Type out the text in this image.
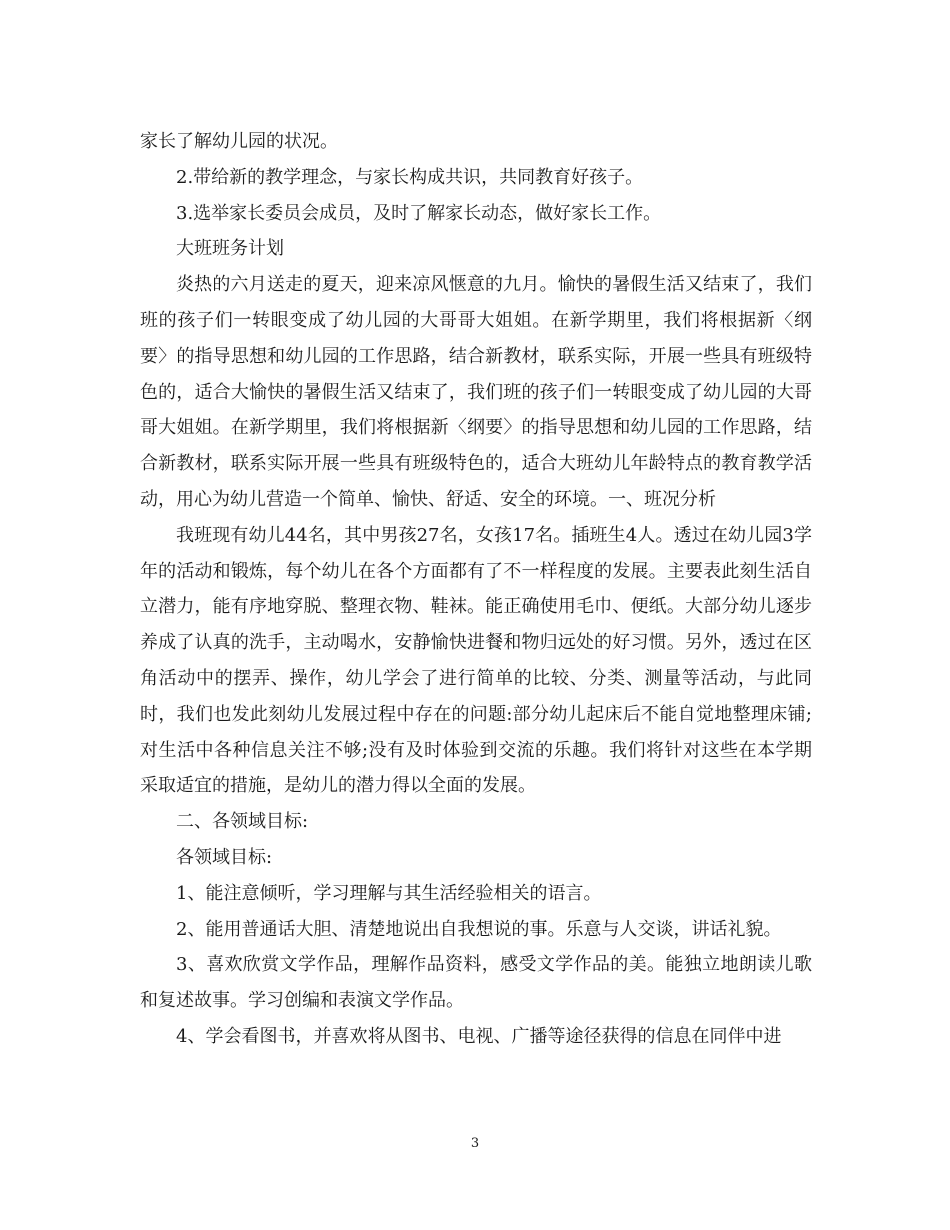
家长了解幼儿园的状况。

2.带给新的教学理念，与家长构成共识，共同教育好孩子。

3.选举家长委员会成员，及时了解家长动态，做好家长工作。

大班班务计划

炎热的六月送走的夏天，迎来凉风惬意的九月。愉快的暑假生活又结束了，我们班的孩子们一转眼变成了幼儿园的大哥哥大姐姐。在新学期里，我们将根据新〈纲要〉的指导思想和幼儿园的工作思路，结合新教材，联系实际，开展一些具有班级特色的，适合大愉快的暑假生活又结束了，我们班的孩子们一转眼变成了幼儿园的大哥哥大姐姐。在新学期里，我们将根据新〈纲要〉的指导思想和幼儿园的工作思路，结合新教材，联系实际开展一些具有班级特色的，适合大班幼儿年龄特点的教育教学活动，用心为幼儿营造一个简单、愉快、舒适、安全的环境。一、班况分析

我班现有幼儿44名，其中男孩27名，女孩17名。插班生4人。透过在幼儿园3学年的活动和锻炼，每个幼儿在各个方面都有了不一样程度的发展。主要表此刻生活自立潜力，能有序地穿脱、整理衣物、鞋袜。能正确使用毛巾、便纸。大部分幼儿逐步养成了认真的洗手，主动喝水，安静愉快进餐和物归远处的好习惯。另外，透过在区角活动中的摆弄、操作，幼儿学会了进行简单的比较、分类、测量等活动，与此同时，我们也发此刻幼儿发展过程中存在的问题:部分幼儿起床后不能自觉地整理床铺;对生活中各种信息关注不够;没有及时体验到交流的乐趣。我们将针对这些在本学期采取适宜的措施，是幼儿的潜力得以全面的发展。

二、各领域目标:

各领域目标:

1、能注意倾听，学习理解与其生活经验相关的语言。

2、能用普通话大胆、清楚地说出自我想说的事。乐意与人交谈，讲话礼貌。

3、喜欢欣赏文学作品，理解作品资料，感受文学作品的美。能独立地朗读儿歌和复述故事。学习创编和表演文学作品。

4、学会看图书，并喜欢将从图书、电视、广播等途径获得的信息在同伴中进

3
